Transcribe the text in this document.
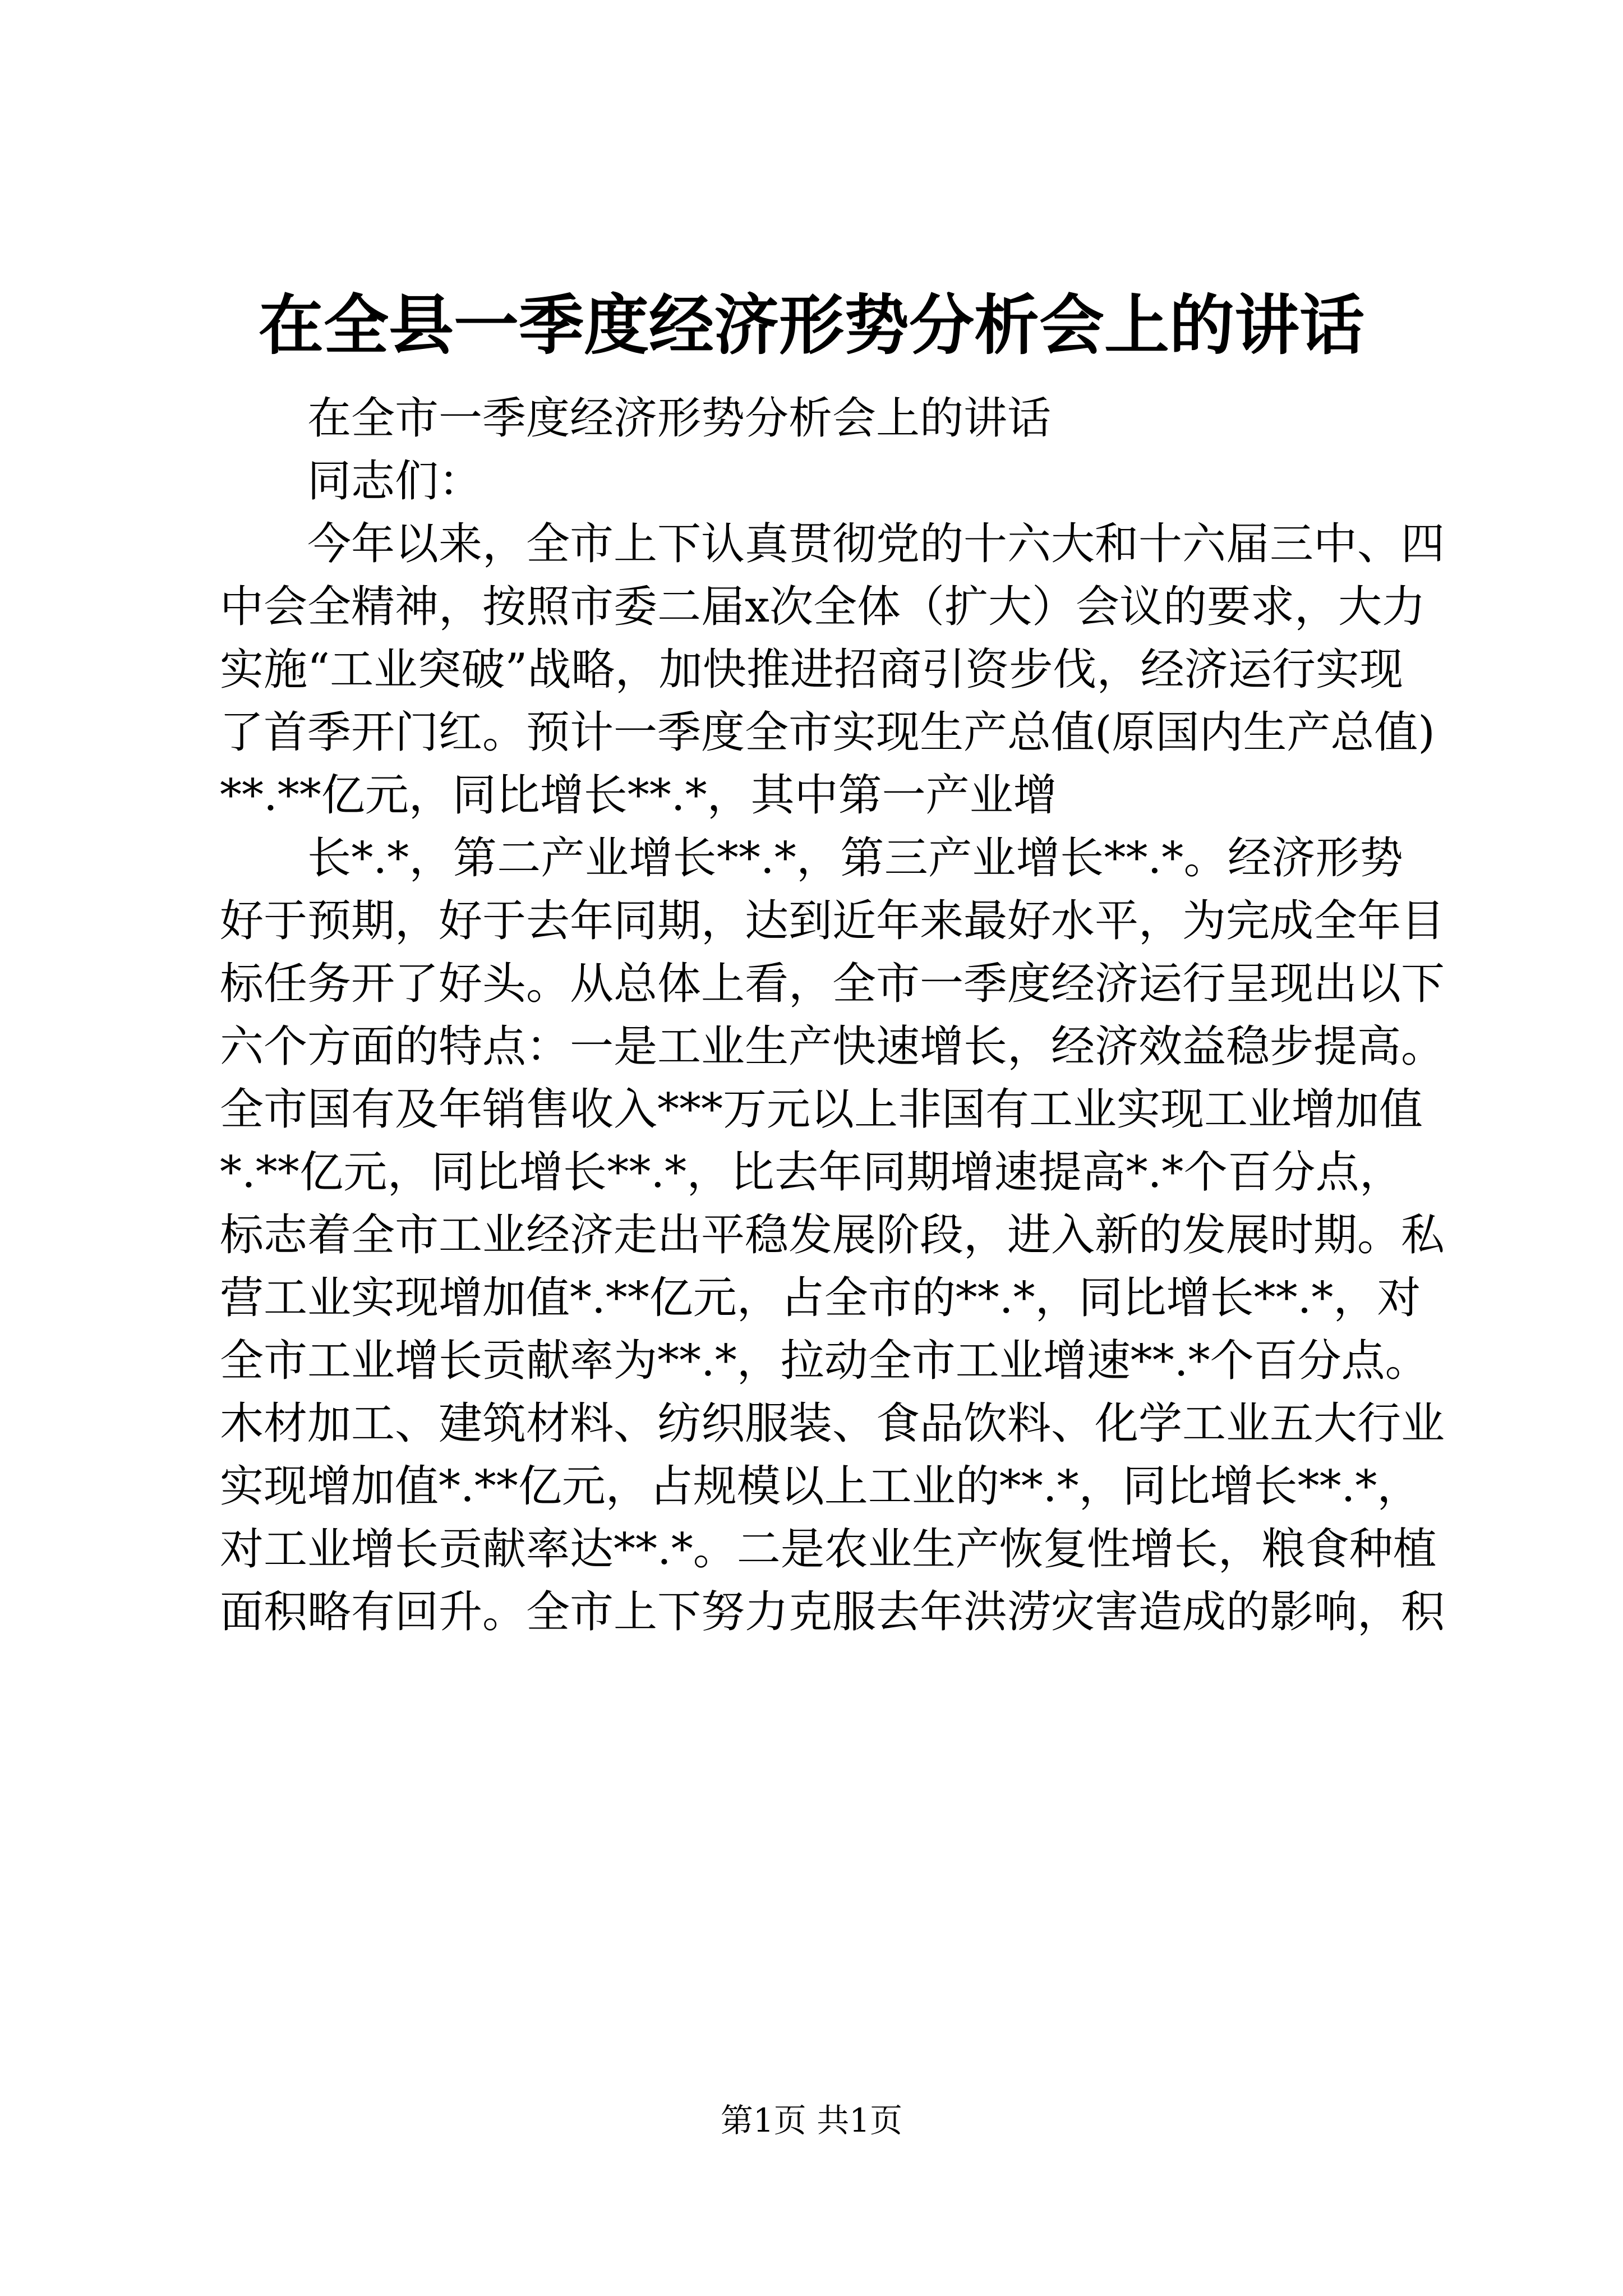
在全县一季度经济形势分析会上的讲话
在全市一季度经济形势分析会上的讲话
同志们：
今年以来，全市上下认真贯彻党的十六大和十六届三中、四
中会全精神，按照市委二届x次全体（扩大）会议的要求，大力
实施“工业突破”战略，加快推进招商引资步伐，经济运行实现
了首季开门红。预计一季度全市实现生产总值(原国内生产总值)
**.**亿元，同比增长**.*，其中第一产业增
长*.*，第二产业增长**.*，第三产业增长**.*。经济形势
好于预期，好于去年同期，达到近年来最好水平，为完成全年目
标任务开了好头。从总体上看，全市一季度经济运行呈现出以下
六个方面的特点：一是工业生产快速增长，经济效益稳步提高。
全市国有及年销售收入***万元以上非国有工业实现工业增加值
*.**亿元，同比增长**.*，比去年同期增速提高*.*个百分点，
标志着全市工业经济走出平稳发展阶段，进入新的发展时期。私
营工业实现增加值*.**亿元，占全市的**.*，同比增长**.*，对
全市工业增长贡献率为**.*，拉动全市工业增速**.*个百分点。
木材加工、建筑材料、纺织服装、食品饮料、化学工业五大行业
实现增加值*.**亿元，占规模以上工业的**.*，同比增长**.*，
对工业增长贡献率达**.*。二是农业生产恢复性增长，粮食种植
面积略有回升。全市上下努力克服去年洪涝灾害造成的影响，积
第1页 共1页
